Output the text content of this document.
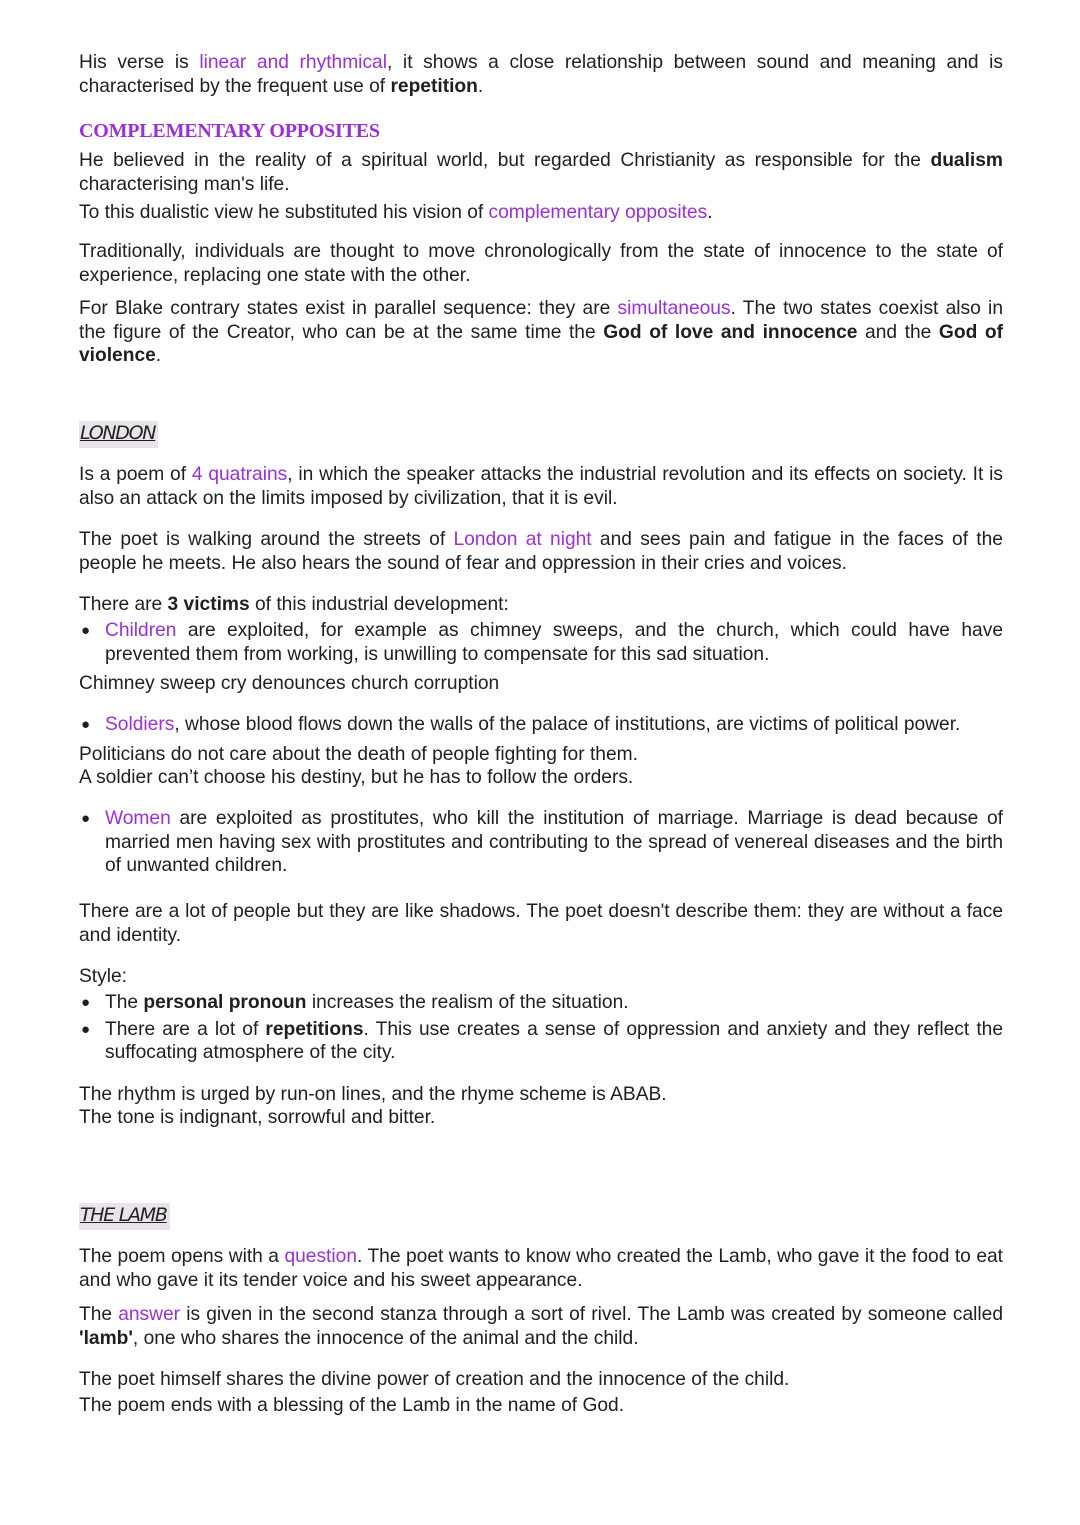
His verse is linear and rhythmical, it shows a close relationship between sound and meaning and is characterised by the frequent use of repetition.

COMPLEMENTARY OPPOSITES

He believed in the reality of a spiritual world, but regarded Christianity as responsible for the dualism characterising man's life.

To this dualistic view he substituted his vision of complementary opposites.

Traditionally, individuals are thought to move chronologically from the state of innocence to the state of experience, replacing one state with the other.

For Blake contrary states exist in parallel sequence: they are simultaneous. The two states coexist also in the figure of the Creator, who can be at the same time the God of love and innocence and the God of violence.

LONDON

Is a poem of 4 quatrains, in which the speaker attacks the industrial revolution and its effects on society. It is also an attack on the limits imposed by civilization, that it is evil.

The poet is walking around the streets of London at night and sees pain and fatigue in the faces of the people he meets. He also hears the sound of fear and oppression in their cries and voices.

There are 3 victims of this industrial development:

● Children are exploited, for example as chimney sweeps, and the church, which could have have prevented them from working, is unwilling to compensate for this sad situation.

Chimney sweep cry denounces church corruption

● Soldiers, whose blood flows down the walls of the palace of institutions, are victims of political power.

Politicians do not care about the death of people fighting for them.

A soldier can’t choose his destiny, but he has to follow the orders.

● Women are exploited as prostitutes, who kill the institution of marriage. Marriage is dead because of married men having sex with prostitutes and contributing to the spread of venereal diseases and the birth of unwanted children.

There are a lot of people but they are like shadows. The poet doesn't describe them: they are without a face and identity.

Style:

● The personal pronoun increases the realism of the situation.
● There are a lot of repetitions. This use creates a sense of oppression and anxiety and they reflect the suffocating atmosphere of the city.

The rhythm is urged by run-on lines, and the rhyme scheme is ABAB.

The tone is indignant, sorrowful and bitter.

THE LAMB

The poem opens with a question. The poet wants to know who created the Lamb, who gave it the food to eat and who gave it its tender voice and his sweet appearance.

The answer is given in the second stanza through a sort of rivel. The Lamb was created by someone called 'lamb', one who shares the innocence of the animal and the child.

The poet himself shares the divine power of creation and the innocence of the child.

The poem ends with a blessing of the Lamb in the name of God.
